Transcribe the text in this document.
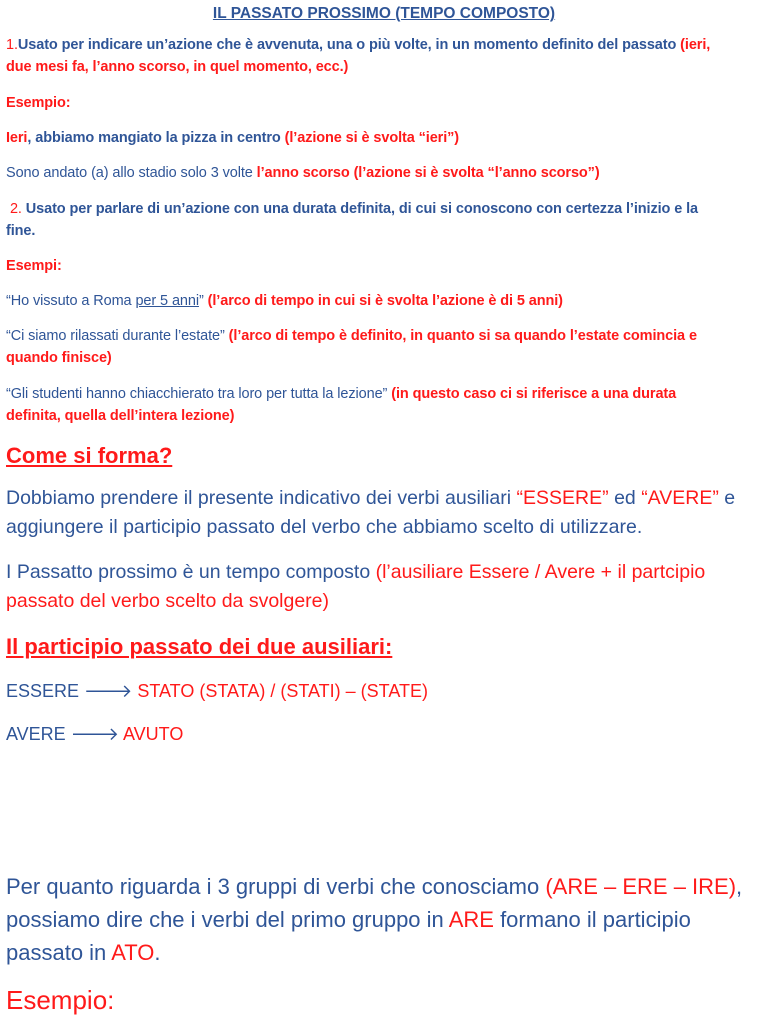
IL PASSATO PROSSIMO (TEMPO COMPOSTO)
1.Usato per indicare un’azione che è avvenuta, una o più volte, in un momento definito del passato (ieri,
due mesi fa, l’anno scorso, in quel momento, ecc.)
Esempio:
Ieri, abbiamo mangiato la pizza in centro (l’azione si è svolta “ieri”)
Sono andato (a) allo stadio solo 3 volte l’anno scorso (l’azione si è svolta “l’anno scorso”)
2. Usato per parlare di un’azione con una durata definita, di cui si conoscono con certezza l’inizio e la
fine.
Esempi:
“Ho vissuto a Roma per 5 anni” (l’arco di tempo in cui si è svolta l’azione è di 5 anni)
“Ci siamo rilassati durante l’estate” (l’arco di tempo è definito, in quanto si sa quando l’estate comincia e
quando finisce)
“Gli studenti hanno chiacchierato tra loro per tutta la lezione” (in questo caso ci si riferisce a una durata
definita, quella dell’intera lezione)
Come si forma?
Dobbiamo prendere il presente indicativo dei verbi ausiliari “ESSERE” ed “AVERE” e
aggiungere il participio passato del verbo che abbiamo scelto di utilizzare.
I Passatto prossimo è un tempo composto (l’ausiliare Essere / Avere + il partcipio
passato del verbo scelto da svolgere)
Il participio passato dei due ausiliari:
ESSERE 🡒 STATO (STATA) / (STATI) – (STATE)
AVERE 🡒 AVUTO
Per quanto riguarda i 3 gruppi di verbi che conosciamo (ARE – ERE – IRE),
possiamo dire che i verbi del primo gruppo in ARE formano il participio
passato in ATO.
Esempio:
